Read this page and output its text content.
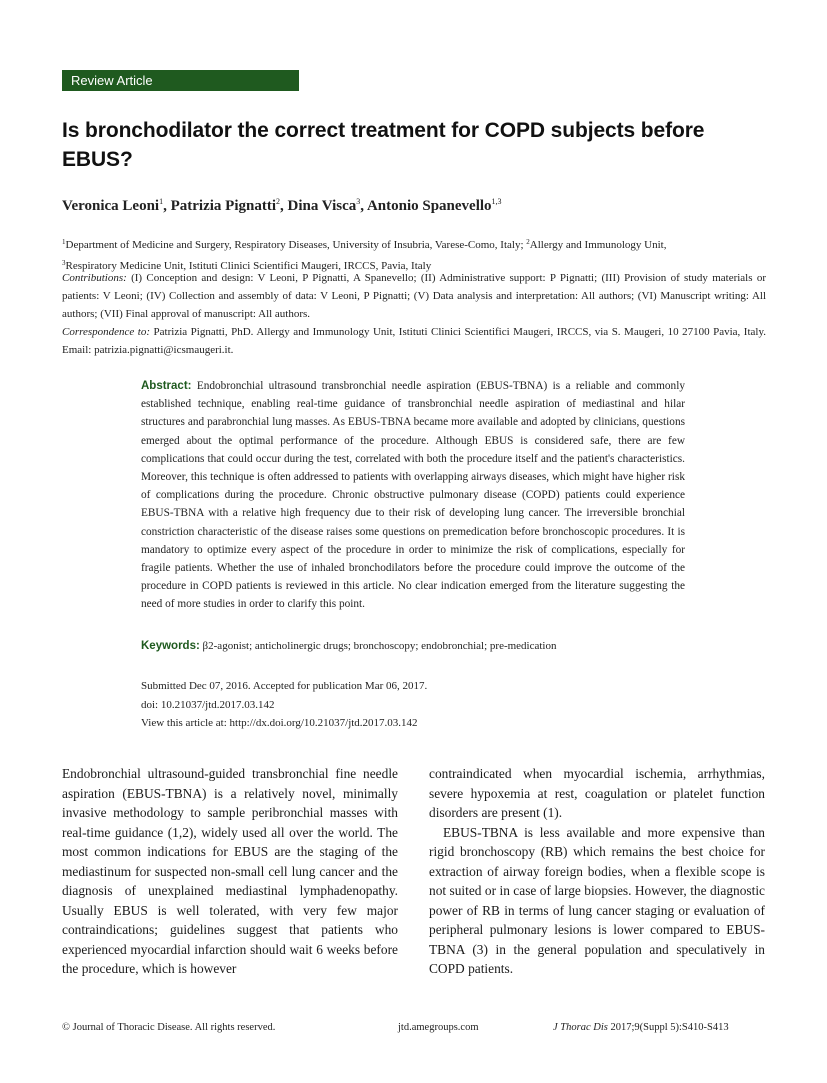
Review Article
Is bronchodilator the correct treatment for COPD subjects before EBUS?
Veronica Leoni$^1$, Patrizia Pignatti$^2$, Dina Visca$^3$, Antonio Spanevello$^{1,3}$
$^1$Department of Medicine and Surgery, Respiratory Diseases, University of Insubria, Varese-Como, Italy; $^2$Allergy and Immunology Unit,
$^3$Respiratory Medicine Unit, Istituti Clinici Scientifici Maugeri, IRCCS, Pavia, Italy
Contributions: (I) Conception and design: V Leoni, P Pignatti, A Spanevello; (II) Administrative support: P Pignatti; (III) Provision of study materials or patients: V Leoni; (IV) Collection and assembly of data: V Leoni, P Pignatti; (V) Data analysis and interpretation: All authors; (VI) Manuscript writing: All authors; (VII) Final approval of manuscript: All authors.
Correspondence to: Patrizia Pignatti, PhD. Allergy and Immunology Unit, Istituti Clinici Scientifici Maugeri, IRCCS, via S. Maugeri, 10 27100 Pavia, Italy. Email: patrizia.pignatti@icsmaugeri.it.
Abstract: Endobronchial ultrasound transbronchial needle aspiration (EBUS-TBNA) is a reliable and commonly established technique, enabling real-time guidance of transbronchial needle aspiration of mediastinal and hilar structures and parabronchial lung masses. As EBUS-TBNA became more available and adopted by clinicians, questions emerged about the optimal performance of the procedure. Although EBUS is considered safe, there are few complications that could occur during the test, correlated with both the procedure itself and the patient's characteristics. Moreover, this technique is often addressed to patients with overlapping airways diseases, which might have higher risk of complications during the procedure. Chronic obstructive pulmonary disease (COPD) patients could experience EBUS-TBNA with a relative high frequency due to their risk of developing lung cancer. The irreversible bronchial constriction characteristic of the disease raises some questions on premedication before bronchoscopic procedures. It is mandatory to optimize every aspect of the procedure in order to minimize the risk of complications, especially for fragile patients. Whether the use of inhaled bronchodilators before the procedure could improve the outcome of the procedure in COPD patients is reviewed in this article. No clear indication emerged from the literature suggesting the need of more studies in order to clarify this point.
Keywords: β2-agonist; anticholinergic drugs; bronchoscopy; endobronchial; pre-medication
Submitted Dec 07, 2016. Accepted for publication Mar 06, 2017.
doi: 10.21037/jtd.2017.03.142
View this article at: http://dx.doi.org/10.21037/jtd.2017.03.142

Endobronchial ultrasound-guided transbronchial fine needle aspiration (EBUS-TBNA) is a relatively novel, minimally invasive methodology to sample peribronchial masses with real-time guidance (1,2), widely used all over the world. The most common indications for EBUS are the staging of the mediastinum for suspected non-small cell lung cancer and the diagnosis of unexplained mediastinal lymphadenopathy. Usually EBUS is well tolerated, with very few major contraindications; guidelines suggest that patients who experienced myocardial infarction should wait 6 weeks before the procedure, which is however

contraindicated when myocardial ischemia, arrhythmias, severe hypoxemia at rest, coagulation or platelet function disorders are present (1).

EBUS-TBNA is less available and more expensive than rigid bronchoscopy (RB) which remains the best choice for extraction of airway foreign bodies, when a flexible scope is not suited or in case of large biopsies. However, the diagnostic power of RB in terms of lung cancer staging or evaluation of peripheral pulmonary lesions is lower compared to EBUS-TBNA (3) in the general population and speculatively in COPD patients.

© Journal of Thoracic Disease. All rights reserved.	jtd.amegroups.com	J Thorac Dis 2017;9(Suppl 5):S410-S413
